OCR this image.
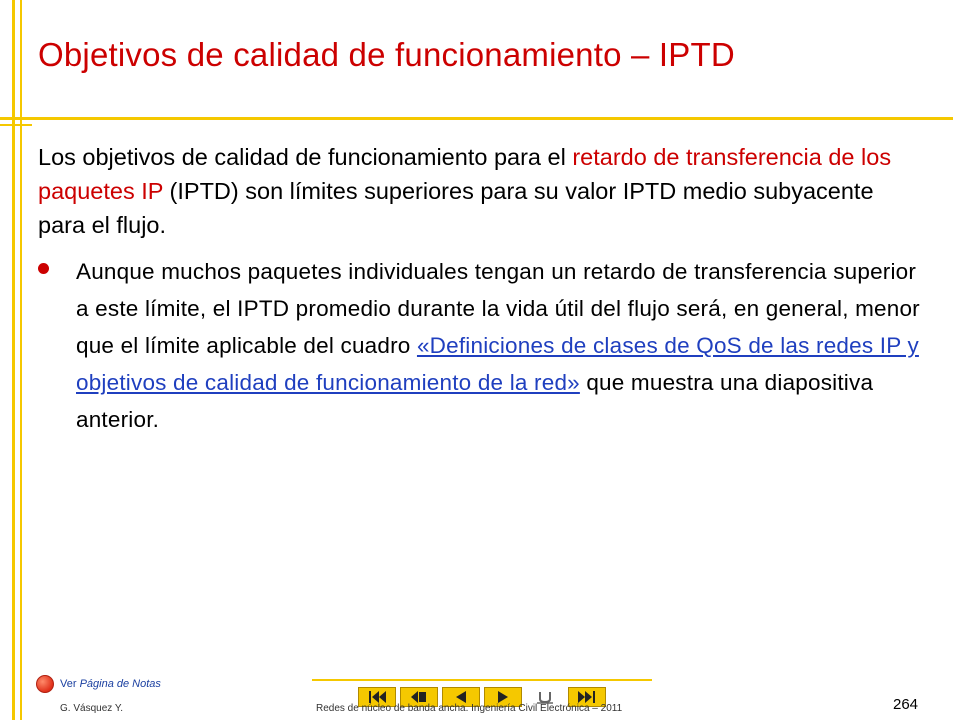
Objetivos de calidad de funcionamiento – IPTD

Los objetivos de calidad de funcionamiento para el retardo de transferencia de los paquetes IP (IPTD) son límites superiores para su valor IPTD medio subyacente para el flujo.

Aunque muchos paquetes individuales tengan un retardo de transferencia superior a este límite, el IPTD promedio durante la vida útil del flujo será, en general, menor que el límite aplicable del cuadro «Definiciones de clases de QoS de las redes IP y objetivos de calidad de funcionamiento de la red» que muestra una diapositiva anterior.

Ver Página de Notas
G. Vásquez Y.	Redes de núcleo de banda ancha. Ingeniería Civil Electrónica – 2011	264
